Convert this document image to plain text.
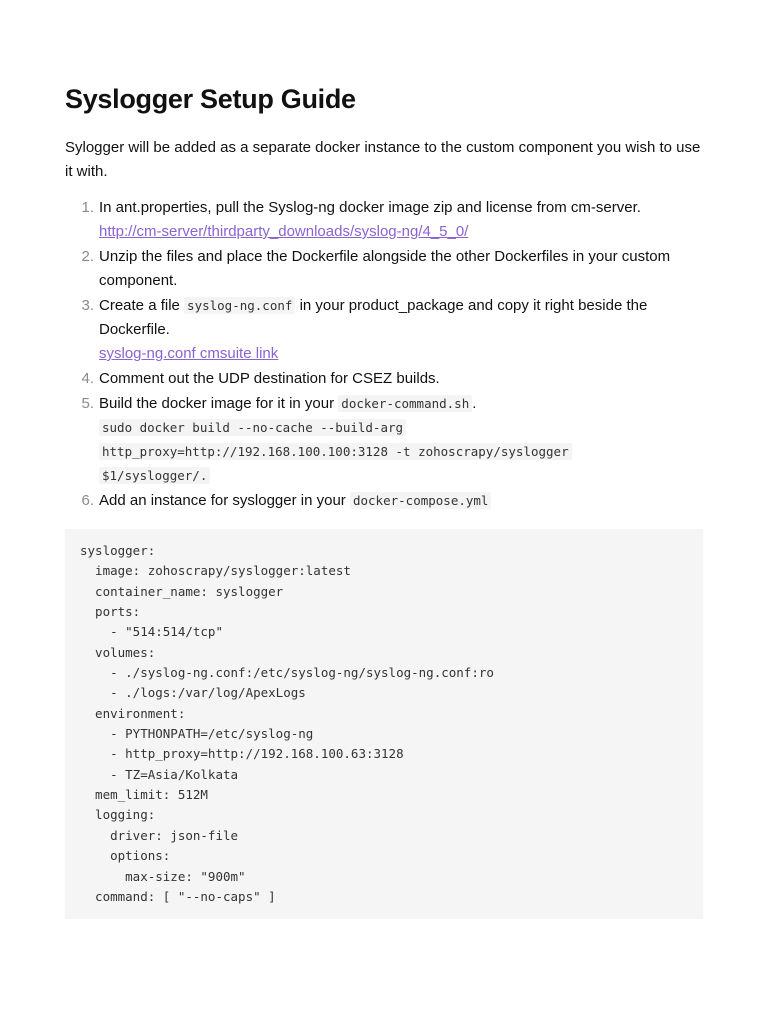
Syslogger Setup Guide

Sylogger will be added as a separate docker instance to the custom component you wish to use it with.

1. In ant.properties, pull the Syslog-ng docker image zip and license from cm-server.
http://cm-server/thirdparty_downloads/syslog-ng/4_5_0/
2. Unzip the files and place the Dockerfile alongside the other Dockerfiles in your custom component.
3. Create a file syslog-ng.conf in your product_package and copy it right beside the Dockerfile.
syslog-ng.conf cmsuite link
4. Comment out the UDP destination for CSEZ builds.
5. Build the docker image for it in your docker-command.sh .
sudo docker build --no-cache --build-arg
http_proxy=http://192.168.100.100:3128 -t zohoscrapy/syslogger
$1/syslogger/.
6. Add an instance for syslogger in your docker-compose.yml
syslogger:
image: zohoscrapy/syslogger:latest
container_name: syslogger
ports:
- "514:514/tcp"
volumes:
- ./syslog-ng.conf:/etc/syslog-ng/syslog-ng.conf:ro
- ./logs:/var/log/ApexLogs
environment:
- PYTHONPATH=/etc/syslog-ng
- http_proxy=http://192.168.100.63:3128
- TZ=Asia/Kolkata
mem_limit: 512M
logging:
driver: json-file
options:
max-size: "900m"
command: [ "--no-caps" ]
